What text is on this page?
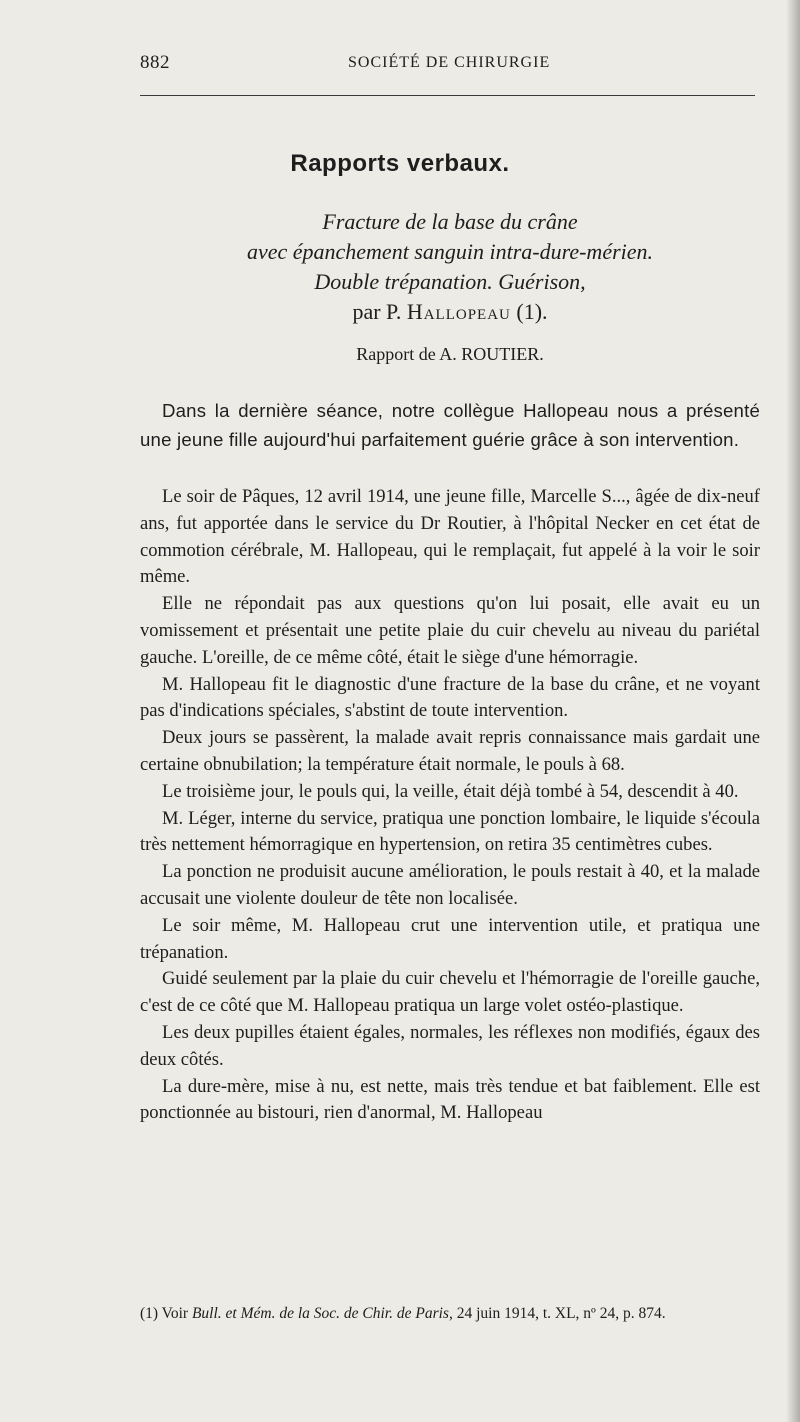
882	SOCIÉTÉ DE CHIRURGIE
Rapports verbaux.
Fracture de la base du crâne
avec épanchement sanguin intra-dure-mérien.
Double trépanation. Guérison,
par P. Hallopeau (1).
Rapport de A. ROUTIER.

Dans la dernière séance, notre collègue Hallopeau nous a présenté une jeune fille aujourd'hui parfaitement guérie grâce à son intervention.

Le soir de Pâques, 12 avril 1914, une jeune fille, Marcelle S..., âgée de dix-neuf ans, fut apportée dans le service du Dr Routier, à l'hôpital Necker en cet état de commotion cérébrale, M. Hallopeau, qui le remplaçait, fut appelé à la voir le soir même.

Elle ne répondait pas aux questions qu'on lui posait, elle avait eu un vomissement et présentait une petite plaie du cuir chevelu au niveau du pariétal gauche. L'oreille, de ce même côté, était le siège d'une hémorragie.

M. Hallopeau fit le diagnostic d'une fracture de la base du crâne, et ne voyant pas d'indications spéciales, s'abstint de toute intervention.

Deux jours se passèrent, la malade avait repris connaissance mais gardait une certaine obnubilation; la température était normale, le pouls à 68.

Le troisième jour, le pouls qui, la veille, était déjà tombé à 54, descendit à 40.

M. Léger, interne du service, pratiqua une ponction lombaire, le liquide s'écoula très nettement hémorragique en hypertension, on retira 35 centimètres cubes.

La ponction ne produisit aucune amélioration, le pouls restait à 40, et la malade accusait une violente douleur de tête non localisée.

Le soir même, M. Hallopeau crut une intervention utile, et pratiqua une trépanation.

Guidé seulement par la plaie du cuir chevelu et l'hémorragie de l'oreille gauche, c'est de ce côté que M. Hallopeau pratiqua un large volet ostéo-plastique.

Les deux pupilles étaient égales, normales, les réflexes non modifiés, égaux des deux côtés.

La dure-mère, mise à nu, est nette, mais très tendue et bat faiblement. Elle est ponctionnée au bistouri, rien d'anormal, M. Hallopeau

(1) Voir Bull. et Mém. de la Soc. de Chir. de Paris, 24 juin 1914, t. XL, nº 24, p. 874.
